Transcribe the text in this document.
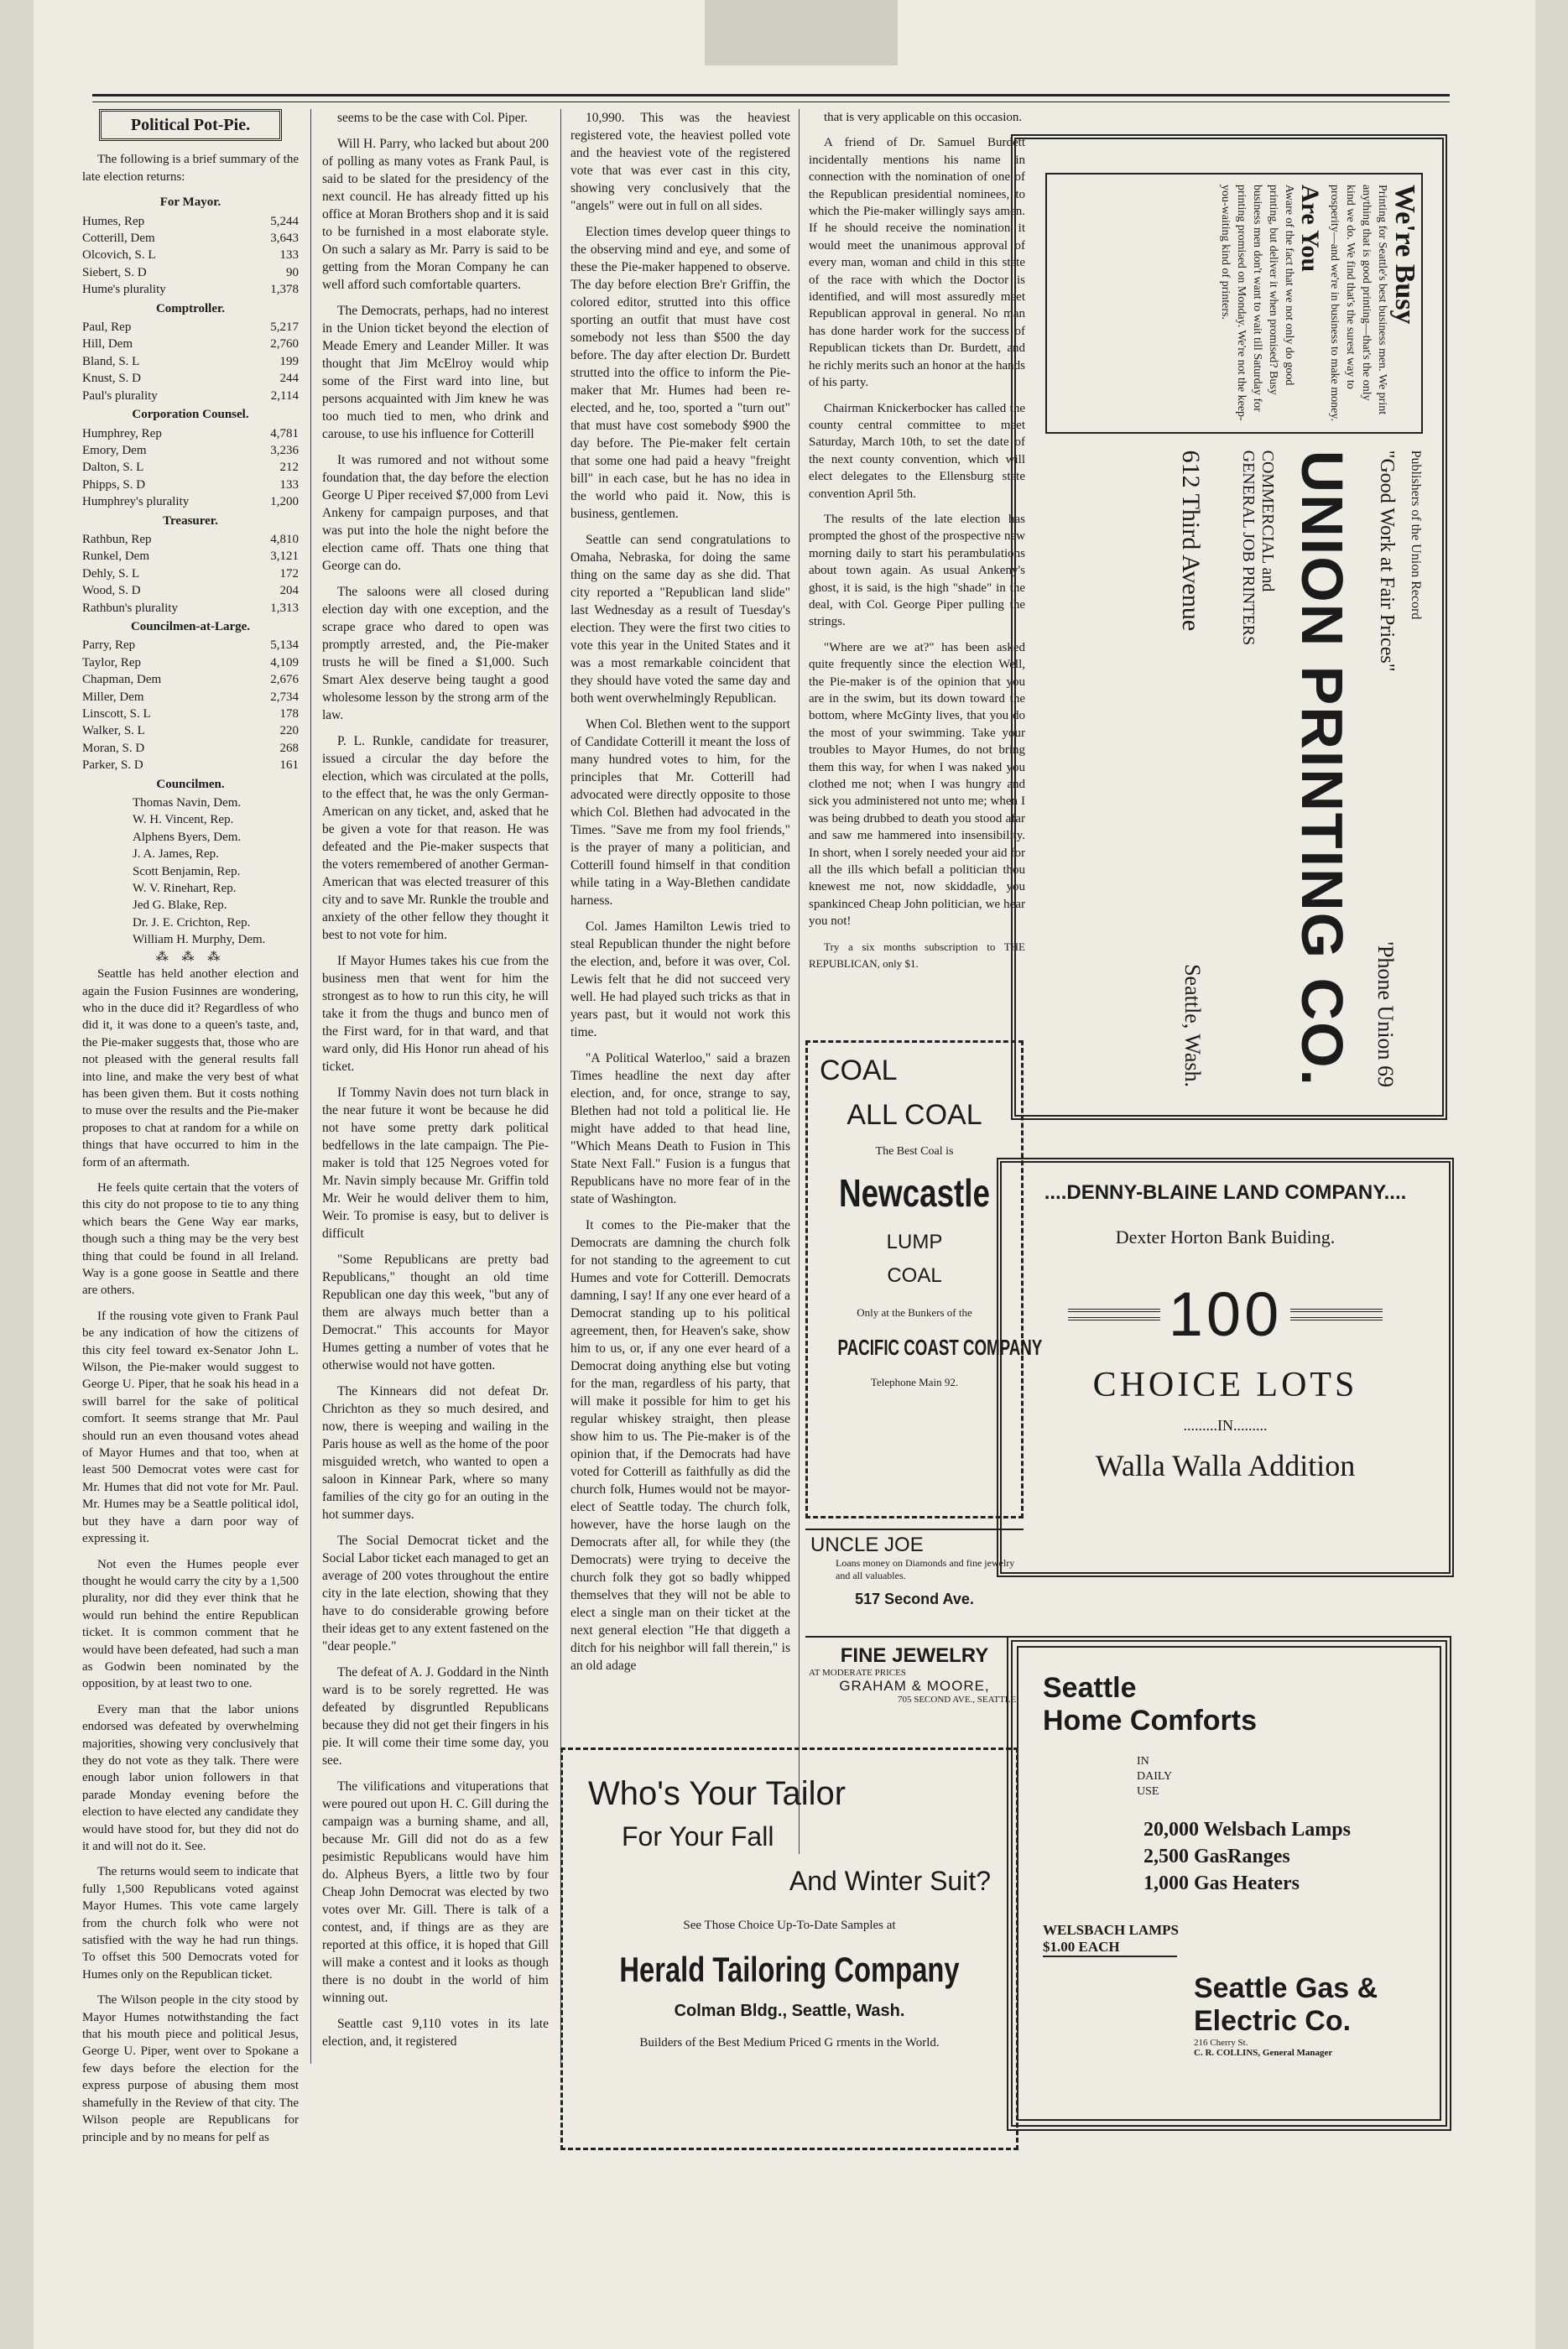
Political Pot-Pie.

The following is a brief summary of the late election returns:

For Mayor.
Humes, Rep	5,244
Cotterill, Dem	3,643
Olcovich, S. L	133
Siebert, S. D	90
Hume's plurality	1,378
Comptroller.
Paul, Rep	5,217
Hill, Dem	2,760
Bland, S. L	199
Knust, S. D	244
Paul's plurality	2,114
Corporation Counsel.
Humphrey, Rep	4,781
Emory, Dem	3,236
Dalton, S. L	212
Phipps, S. D	133
Humphrey's plurality	1,200
Treasurer.
Rathbun, Rep	4,810
Runkel, Dem	3,121
Dehly, S. L	172
Wood, S. D	204
Rathbun's plurality	1,313
Councilmen-at-Large.
Parry, Rep	5,134
Taylor, Rep	4,109
Chapman, Dem	2,676
Miller, Dem	2,734
Linscott, S. L	178
Walker, S. L	220
Moran, S. D	268
Parker, S. D	161
Councilmen.
Thomas Navin, Dem.
W. H. Vincent, Rep.
Alphens Byers, Dem.
J. A. James, Rep.
Scott Benjamin, Rep.
W. V. Rinehart, Rep.
Jed G. Blake, Rep.
Dr. J. E. Crichton, Rep.
William H. Murphy, Dem.
⁂ ⁂ ⁂

Seattle has held another election and again the Fusion Fusinnes are wondering, who in the duce did it? Regardless of who did it, it was done to a queen's taste, and, the Pie-maker suggests that, those who are not pleased with the general results fall into line, and make the very best of what has been given them. But it costs nothing to muse over the results and the Pie-maker proposes to chat at random for a while on things that have occurred to him in the form of an aftermath.

He feels quite certain that the voters of this city do not propose to tie to any thing which bears the Gene Way ear marks, though such a thing may be the very best thing that could be found in all Ireland. Way is a gone goose in Seattle and there are others.

If the rousing vote given to Frank Paul be any indication of how the citizens of this city feel toward ex-Senator John L. Wilson, the Pie-maker would suggest to George U. Piper, that he soak his head in a swill barrel for the sake of political comfort. It seems strange that Mr. Paul should run an even thousand votes ahead of Mayor Humes and that too, when at least 500 Democrat votes were cast for Mr. Humes that did not vote for Mr. Paul. Mr. Humes may be a Seattle political idol, but they have a darn poor way of expressing it.

Not even the Humes people ever thought he would carry the city by a 1,500 plurality, nor did they ever think that he would run behind the entire Republican ticket. It is common comment that he would have been defeated, had such a man as Godwin been nominated by the opposition, by at least two to one.

Every man that the labor unions endorsed was defeated by overwhelming majorities, showing very conclusively that they do not vote as they talk. There were enough labor union followers in that parade Monday evening before the election to have elected any candidate they would have stood for, but they did not do it and will not do it. See.

The returns would seem to indicate that fully 1,500 Republicans voted against Mayor Humes. This vote came largely from the church folk who were not satisfied with the way he had run things. To offset this 500 Democrats voted for Humes only on the Republican ticket.

The Wilson people in the city stood by Mayor Humes notwithstanding the fact that his mouth piece and political Jesus, George U. Piper, went over to Spokane a few days before the election for the express purpose of abusing them most shamefully in the Review of that city. The Wilson people are Republicans for principle and by no means for pelf as

seems to be the case with Col. Piper.

Will H. Parry, who lacked but about 200 of polling as many votes as Frank Paul, is said to be slated for the presidency of the next council. He has already fitted up his office at Moran Brothers shop and it is said to be furnished in a most elaborate style. On such a salary as Mr. Parry is said to be getting from the Moran Company he can well afford such comfortable quarters.

The Democrats, perhaps, had no interest in the Union ticket beyond the election of Meade Emery and Leander Miller. It was thought that Jim McElroy would whip some of the First ward into line, but persons acquainted with Jim knew he was too much tied to men, who drink and carouse, to use his influence for Cotterill

It was rumored and not without some foundation that, the day before the election George U Piper received $7,000 from Levi Ankeny for campaign purposes, and that was put into the hole the night before the election came off. Thats one thing that George can do.

The saloons were all closed during election day with one exception, and the scrape grace who dared to open was promptly arrested, and, the Pie-maker trusts he will be fined a $1,000. Such Smart Alex deserve being taught a good wholesome lesson by the strong arm of the law.

P. L. Runkle, candidate for treasurer, issued a circular the day before the election, which was circulated at the polls, to the effect that, he was the only German-American on any ticket, and, asked that he be given a vote for that reason. He was defeated and the Pie-maker suspects that the voters remembered of another German-American that was elected treasurer of this city and to save Mr. Runkle the trouble and anxiety of the other fellow they thought it best to not vote for him.

If Mayor Humes takes his cue from the business men that went for him the strongest as to how to run this city, he will take it from the thugs and bunco men of the First ward, for in that ward, and that ward only, did His Honor run ahead of his ticket.

If Tommy Navin does not turn black in the near future it wont be because he did not have some pretty dark political bedfellows in the late campaign. The Pie-maker is told that 125 Negroes voted for Mr. Navin simply because Mr. Griffin told Mr. Weir he would deliver them to him, Weir. To promise is easy, but to deliver is difficult

"Some Republicans are pretty bad Republicans," thought an old time Republican one day this week, "but any of them are always much better than a Democrat." This accounts for Mayor Humes getting a number of votes that he otherwise would not have gotten.

The Kinnears did not defeat Dr. Chrichton as they so much desired, and now, there is weeping and wailing in the Paris house as well as the home of the poor misguided wretch, who wanted to open a saloon in Kinnear Park, where so many families of the city go for an outing in the hot summer days.

The Social Democrat ticket and the Social Labor ticket each managed to get an average of 200 votes throughout the entire city in the late election, showing that they have to do considerable growing before their ideas get to any extent fastened on the "dear people."

The defeat of A. J. Goddard in the Ninth ward is to be sorely regretted. He was defeated by disgruntled Republicans because they did not get their fingers in his pie. It will come their time some day, you see.

The vilifications and vituperations that were poured out upon H. C. Gill during the campaign was a burning shame, and all, because Mr. Gill did not do as a few pesimistic Republicans would have him do. Alpheus Byers, a little two by four Cheap John Democrat was elected by two votes over Mr. Gill. There is talk of a contest, and, if things are as they are reported at this office, it is hoped that Gill will make a contest and it looks as though there is no doubt in the world of him winning out.

Seattle cast 9,110 votes in its late election, and, it registered

10,990. This was the heaviest registered vote, the heaviest polled vote and the heaviest vote of the registered vote that was ever cast in this city, showing very conclusively that the "angels" were out in full on all sides.

Election times develop queer things to the observing mind and eye, and some of these the Pie-maker happened to observe. The day before election Bre'r Griffin, the colored editor, strutted into this office sporting an outfit that must have cost somebody not less than $500 the day before. The day after election Dr. Burdett strutted into the office to inform the Pie-maker that Mr. Humes had been re-elected, and he, too, sported a "turn out" that must have cost somebody $900 the day before. The Pie-maker felt certain that some one had paid a heavy "freight bill" in each case, but he has no idea in the world who paid it. Now, this is business, gentlemen.

Seattle can send congratulations to Omaha, Nebraska, for doing the same thing on the same day as she did. That city reported a "Republican land slide" last Wednesday as a result of Tuesday's election. They were the first two cities to vote this year in the United States and it was a most remarkable coincident that they should have voted the same day and both went overwhelmingly Republican.

When Col. Blethen went to the support of Candidate Cotterill it meant the loss of many hundred votes to him, for the principles that Mr. Cotterill had advocated were directly opposite to those which Col. Blethen had advocated in the Times. "Save me from my fool friends," is the prayer of many a politician, and Cotterill found himself in that condition while tating in a Way-Blethen candidate harness.

Col. James Hamilton Lewis tried to steal Republican thunder the night before the election, and, before it was over, Col. Lewis felt that he did not succeed very well. He had played such tricks as that in years past, but it would not work this time.

"A Political Waterloo," said a brazen Times headline the next day after election, and, for once, strange to say, Blethen had not told a political lie. He might have added to that head line, "Which Means Death to Fusion in This State Next Fall." Fusion is a fungus that Republicans have no more fear of in the state of Washington.

It comes to the Pie-maker that the Democrats are damning the church folk for not standing to the agreement to cut Humes and vote for Cotterill. Democrats damning, I say! If any one ever heard of a Democrat standing up to his political agreement, then, for Heaven's sake, show him to us, or, if any one ever heard of a Democrat doing anything else but voting for the man, regardless of his party, that will make it possible for him to get his regular whiskey straight, then please show him to us. The Pie-maker is of the opinion that, if the Democrats had have voted for Cotterill as faithfully as did the church folk, Humes would not be mayor-elect of Seattle today. The church folk, however, have the horse laugh on the Democrats after all, for while they (the Democrats) were trying to deceive the church folk they got so badly whipped themselves that they will not be able to elect a single man on their ticket at the next general election "He that diggeth a ditch for his neighbor will fall therein," is an old adage

that is very applicable on this occasion.

A friend of Dr. Samuel Burdett incidentally mentions his name in connection with the nomination of one of the Republican presidential nominees, to which the Pie-maker willingly says amen. If he should receive the nomination it would meet the unanimous approval of every man, woman and child in this state of the race with which the Doctor is identified, and will most assuredly meet Republican approval in general. No man has done harder work for the success of Republican tickets than Dr. Burdett, and he richly merits such an honor at the hands of his party.

Chairman Knickerbocker has called the county central committee to meet Saturday, March 10th, to set the date of the next county convention, which will elect delegates to the Ellensburg state convention April 5th.

The results of the late election has prompted the ghost of the prospective new morning daily to start his perambulations about town again. As usual Ankeny's ghost, it is said, is the high "shade" in the deal, with Col. George Piper pulling the strings.

"Where are we at?" has been asked quite frequently since the election Well, the Pie-maker is of the opinion that you are in the swim, but its down toward the bottom, where McGinty lives, that you do the most of your swimming. Take your troubles to Mayor Humes, do not bring them this way, for when I was naked you clothed me not; when I was hungry and sick you administered not unto me; when I was being drubbed to death you stood afar and saw me hammered into insensibility. In short, when I sorely needed your aid for all the ills which befall a politician thou knewest me not, now skiddadle, you spankinced Cheap John politician, we hear you not!

Try a six months subscription to THE REPUBLICAN, only $1.

We're Busy
Printing for Seattle's best business men. We print anything that is good printing—that's the only kind we do. We find that's the surest way to prosperity—and we're in business to make money.
Are You
Aware of the fact that we not only do good printing, but deliver it when promised? Busy business men don't want to wait till Saturday for printing promised on Monday. We're not the keep-you-waiting kind of printers.
Publishers of the Union Record
"Good Work at Fair Prices"
'Phone Union 69
UNION PRINTING CO.
COMMERCIAL and GENERAL JOB PRINTERS
612 Third Avenue
Seattle, Wash.
....DENNY-BLAINE LAND COMPANY....
Dexter Horton Bank Buiding.
100
CHOICE LOTS
.........IN.........
Walla Walla Addition
COAL
ALL COAL
The Best Coal is
Newcastle
LUMP
COAL
Only at the Bunkers of the
PACIFIC COAST COMPANY
Telephone Main 92.
UNCLE JOE
Loans money on Diamonds and fine jewelry and all valuables.
517 Second Ave.
FINE JEWELRY
AT MODERATE PRICES
GRAHAM & MOORE,
705 SECOND AVE., SEATTLE.
Who's Your Tailor
For Your Fall
And Winter Suit?
See Those Choice Up-To-Date Samples at
Herald Tailoring Company
Colman Bldg., Seattle, Wash.
Builders of the Best Medium Priced G rments in the World.
Seattle
Home Comforts
IN
DAILY
USE
20,000 Welsbach Lamps
2,500 GasRanges
1,000 Gas Heaters
WELSBACH LAMPS
$1.00 EACH
Seattle Gas &
Electric Co.
216 Cherry St.
C. R. COLLINS, General Manager
